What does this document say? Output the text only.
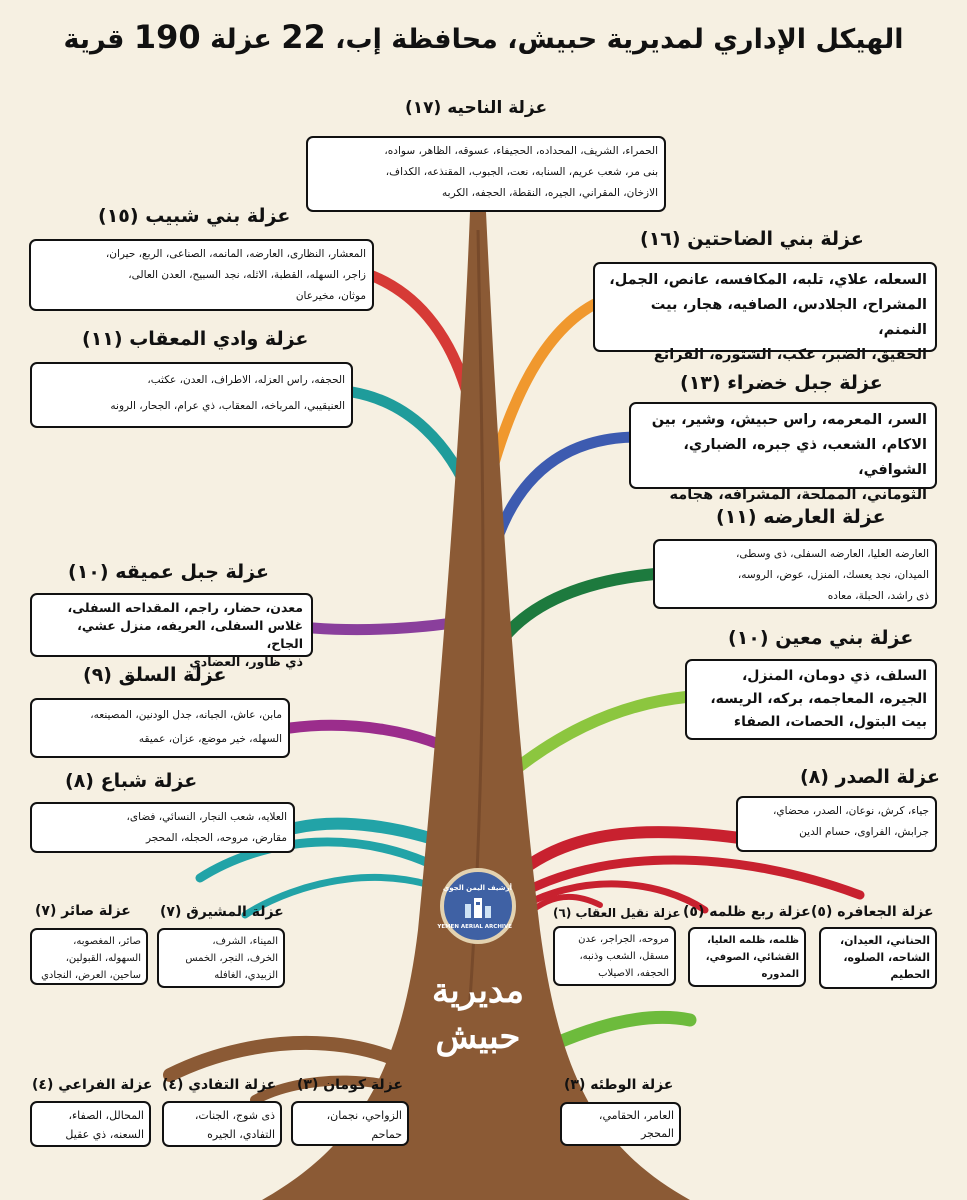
الهيكل الإداري لمديرية حبيش، محافظة إب، 22 عزلة 190 قرية
عزلة الناحيه (١٧)
الحمراء، الشريف، المحداده، الحجيفاء، عسوقه، الظاهر، سواده،
بنى مر، شعب عريم، السنابه، نعت، الجبوب، المقنذعه، الكداف،
الازخان، المقراني، الجيره، النقطة، الحجفه، الكربه
عزلة بني شبيب (١٥)
المعشار، النظارى، العارضه، المانمه، الصناعى، الربع، حيران،
زاجر، السهله، القطبة، الاثله، نجد السبيح، العدن العالى،
موثان، مخيرعان
عزلة بني الضاحتين (١٦)
السعله، علاي، تلبه، المكافسه، عانص، الجمل،
المشراح، الجلادس، الصافيه، هجار، بيت النمنم،
الحقيق، الضبر، عكب، الشتوره، الفرائع
عزلة وادي المعقاب (١١)
الحجفه، راس العزله، الاطراف، العدن، عكثب،
العنيقيبي، المرباخه، المعقاب، ذي عرام، الجحار، الرونه
عزلة جبل خضراء (١٣)
السر، المعرمه، راس حبيش، وشير، بين
الاكام، الشعب، ذي جبره، الضباري، الشوافي،
الثوماني، المملحة، المشرافه، هجامه
عزلة العارضه (١١)
العارضه العليا، العارضه السفلى، ذى وسطى،
الميدان، نجد يعسك، المنزل، عوض، الروسه،
ذى راشد، الحبلة، معاده
عزلة جبل عميقه (١٠)
معدن، حضار، راجم، المقداحه السفلى،
غلاس السفلى، العريفه، منزل عشي، الجاح،
ذي ظاور، العضادي
عزلة بني معين (١٠)
السلف، ذي دومان، المنزل،
الجيره، المعاجمه، بركه، الريسه،
بيت البتول، الحصات، الصفاء
عزلة السلق (٩)
مابن، عاش، الجبانه، جدل الودنين، المصينعه،
السهله، خير موضع، عزان، عميقه
عزلة شباع (٨)
العلايه، شعب النجار، النسائي، فضاى،
مقارض، مروحه، الحجله، المحجر
عزلة الصدر (٨)
جياء، كرش، نوعان، الصدر، محضاي،
جرابش، الفراوى، حسام الدين
عزلة صائر (٧)
صائر، المغصوبه،
السهوله، القبولين،
ساحين، العرض، النجادي
عزلة المشيرق (٧)
الميناء، الشرف،
الخرف، النجر، الخمس
الزبيدي، الغافله
عزلة نقيل العقاب (٦)
مروحه، الجراجر، عدن
مسقل، الشعب وذنبه،
الحجفه، الاصيلاب
عزلة ربع ظلمه (٥)
ظلمه، ظلمه العليا،
القشائي، الصوفي،
المدوره
عزلة الجعافره (٥)
الحناني، العيدان،
الشاحه، الصلوه،
الحطيم
عزلة الفراعي (٤)
المحالل، الصفاء،
السعنه، ذي عقيل
عزلة التفادي (٤)
ذى شوج، الجنات،
التفادي، الجيره
عزلة كومان (٣)
الزواحي، نجمان،
حماحم
عزلة الوطئه (٣)
العامر، الحقامي،
المحجر
أرشيف اليمن الجوي
YEMEN AERIAL ARCHIVE
مديرية
حبيش
